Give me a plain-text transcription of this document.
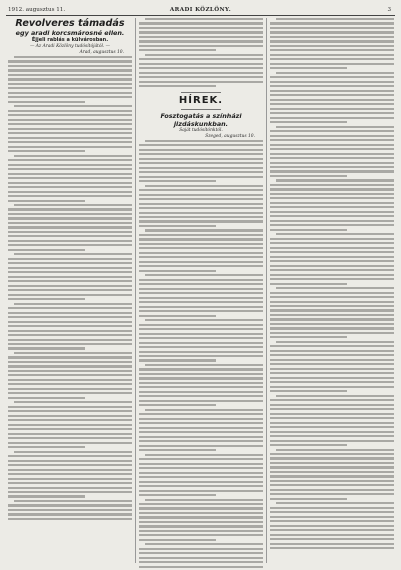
1912. augusztus 11.	ARADI KÖZLÖNY.	3

Revolveres támadás

egy aradi korcsmárosné ellen.

Éjjeli rablás a külvárosban.

— Az Aradi Közlöny tudósítójától. —
Arad, augusztus 10.

HÍREK.

Fosztogatás a színházi jizdáskunkban.

Saját tudósítónktól.
Szeged, augusztus 10.
